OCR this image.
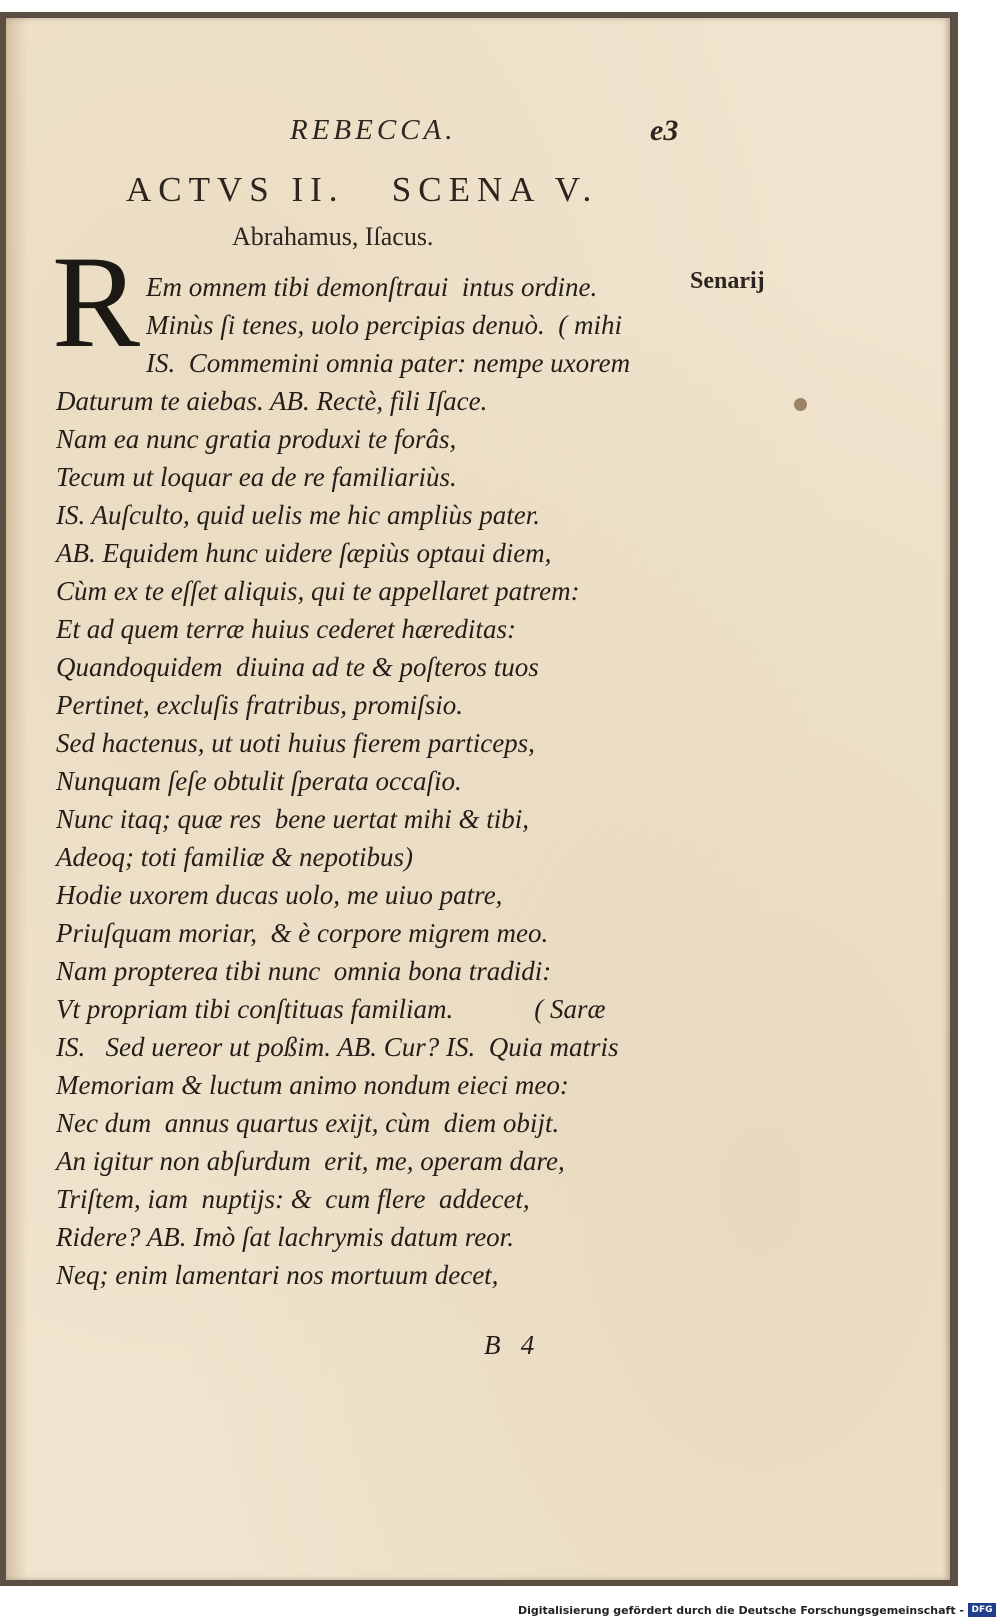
REBECCA.	e3
ACTVS II.   SCENA V.
Abrahamus, Iſacus.
R	Senarij
Em omnem tibi demonſtraui  intus ordine.
Minùs ſi tenes, uolo percipias denuò.  ( mihi
IS.  Commemini omnia pater: nempe uxorem
Daturum te aiebas. AB. Rectè, fili Iſace.
Nam ea nunc gratia produxi te forâs,
Tecum ut loquar ea de re familiariùs.
IS. Auſculto, quid uelis me hic ampliùs pater.
AB. Equidem hunc uidere ſæpiùs optaui diem,
Cùm ex te eſſet aliquis, qui te appellaret patrem:
Et ad quem terræ huius cederet hæreditas:
Quandoquidem  diuina ad te & poſteros tuos
Pertinet, excluſis fratribus, promiſsio.
Sed hactenus, ut uoti huius fierem particeps,
Nunquam ſeſe obtulit ſperata occaſio.
Nunc itaq; quæ res  bene uertat mihi & tibi,
Adeoq; toti familiæ & nepotibus)
Hodie uxorem ducas uolo, me uiuo patre,
Priuſquam moriar,  & è corpore migrem meo.
Nam propterea tibi nunc  omnia bona tradidi:
Vt propriam tibi conſtituas familiam.            ( Saræ
IS.   Sed uereor ut poßim. AB. Cur? IS.  Quia matris
Memoriam & luctum animo nondum eieci meo:
Nec dum  annus quartus exijt, cùm  diem obijt.
An igitur non abſurdum  erit, me, operam dare,
Triſtem, iam  nuptijs: &  cum flere  addecet,
Ridere? AB. Imò ſat lachrymis datum reor.
Neq; enim lamentari nos mortuum decet,
B   4
Digitalisierung gefördert durch die Deutsche Forschungsgemeinschaft - DFG
